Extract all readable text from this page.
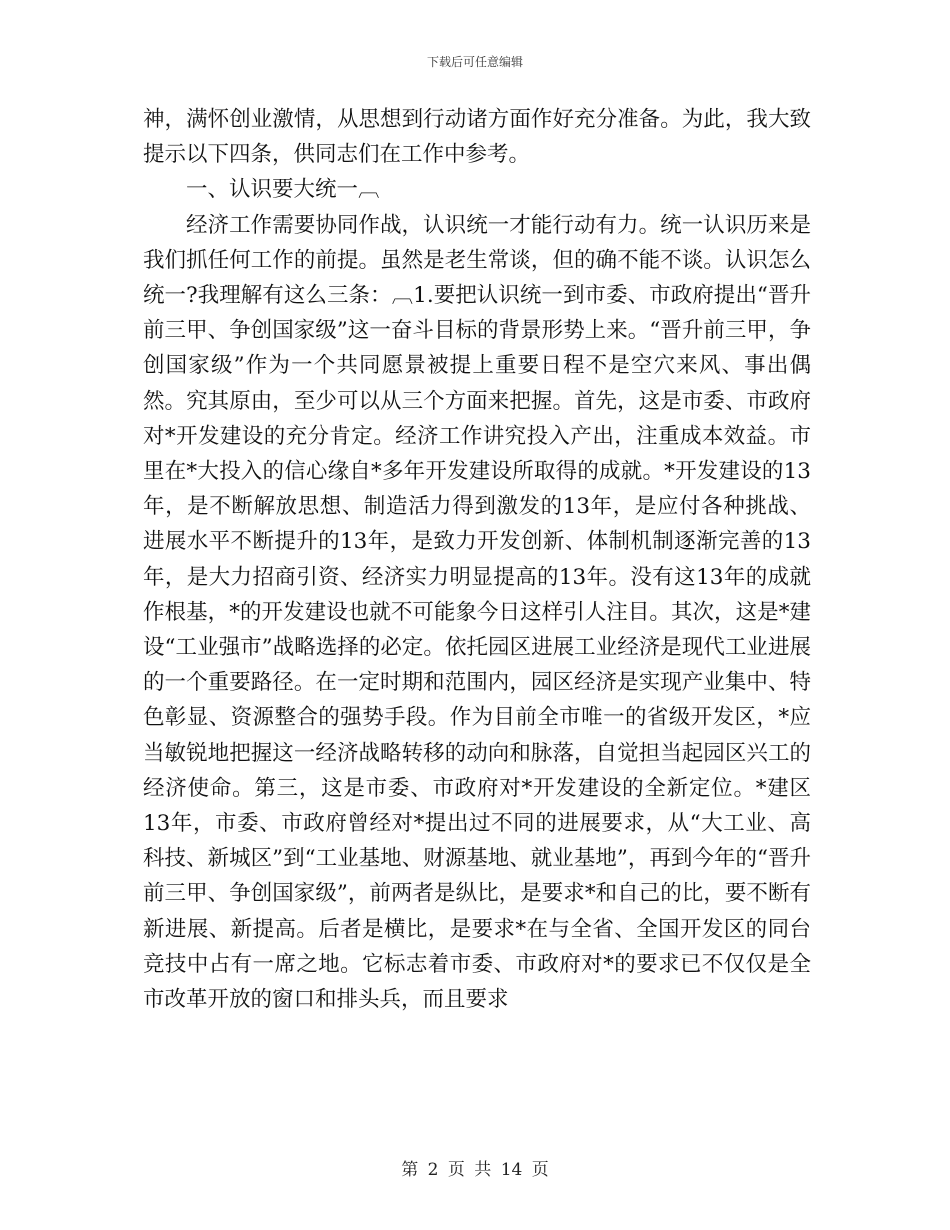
下载后可任意编辑

神，满怀创业激情，从思想到行动诸方面作好充分准备。为此，我大致提示以下四条，供同志们在工作中参考。

一、认识要大统一︹

经济工作需要协同作战，认识统一才能行动有力。统一认识历来是我们抓任何工作的前提。虽然是老生常谈，但的确不能不谈。认识怎么统一?我理解有这么三条：︹1.要把认识统一到市委、市政府提出“晋升前三甲、争创国家级”这一奋斗目标的背景形势上来。“晋升前三甲，争创国家级”作为一个共同愿景被提上重要日程不是空穴来风、事出偶然。究其原由，至少可以从三个方面来把握。首先，这是市委、市政府对*开发建设的充分肯定。经济工作讲究投入产出，注重成本效益。市里在*大投入的信心缘自*多年开发建设所取得的成就。*开发建设的13年，是不断解放思想、制造活力得到激发的13年，是应付各种挑战、进展水平不断提升的13年，是致力开发创新、体制机制逐渐完善的13年，是大力招商引资、经济实力明显提高的13年。没有这13年的成就作根基，*的开发建设也就不可能象今日这样引人注目。其次，这是*建设“工业强市”战略选择的必定。依托园区进展工业经济是现代工业进展的一个重要路径。在一定时期和范围内，园区经济是实现产业集中、特色彰显、资源整合的强势手段。作为目前全市唯一的省级开发区，*应当敏锐地把握这一经济战略转移的动向和脉落，自觉担当起园区兴工的经济使命。第三，这是市委、市政府对*开发建设的全新定位。*建区13年，市委、市政府曾经对*提出过不同的进展要求，从“大工业、高科技、新城区”到“工业基地、财源基地、就业基地”，再到今年的“晋升前三甲、争创国家级”，前两者是纵比，是要求*和自己的比，要不断有新进展、新提高。后者是横比，是要求*在与全省、全国开发区的同台竞技中占有一席之地。它标志着市委、市政府对*的要求已不仅仅是全市改革开放的窗口和排头兵，而且要求

第 2 页 共 14 页
